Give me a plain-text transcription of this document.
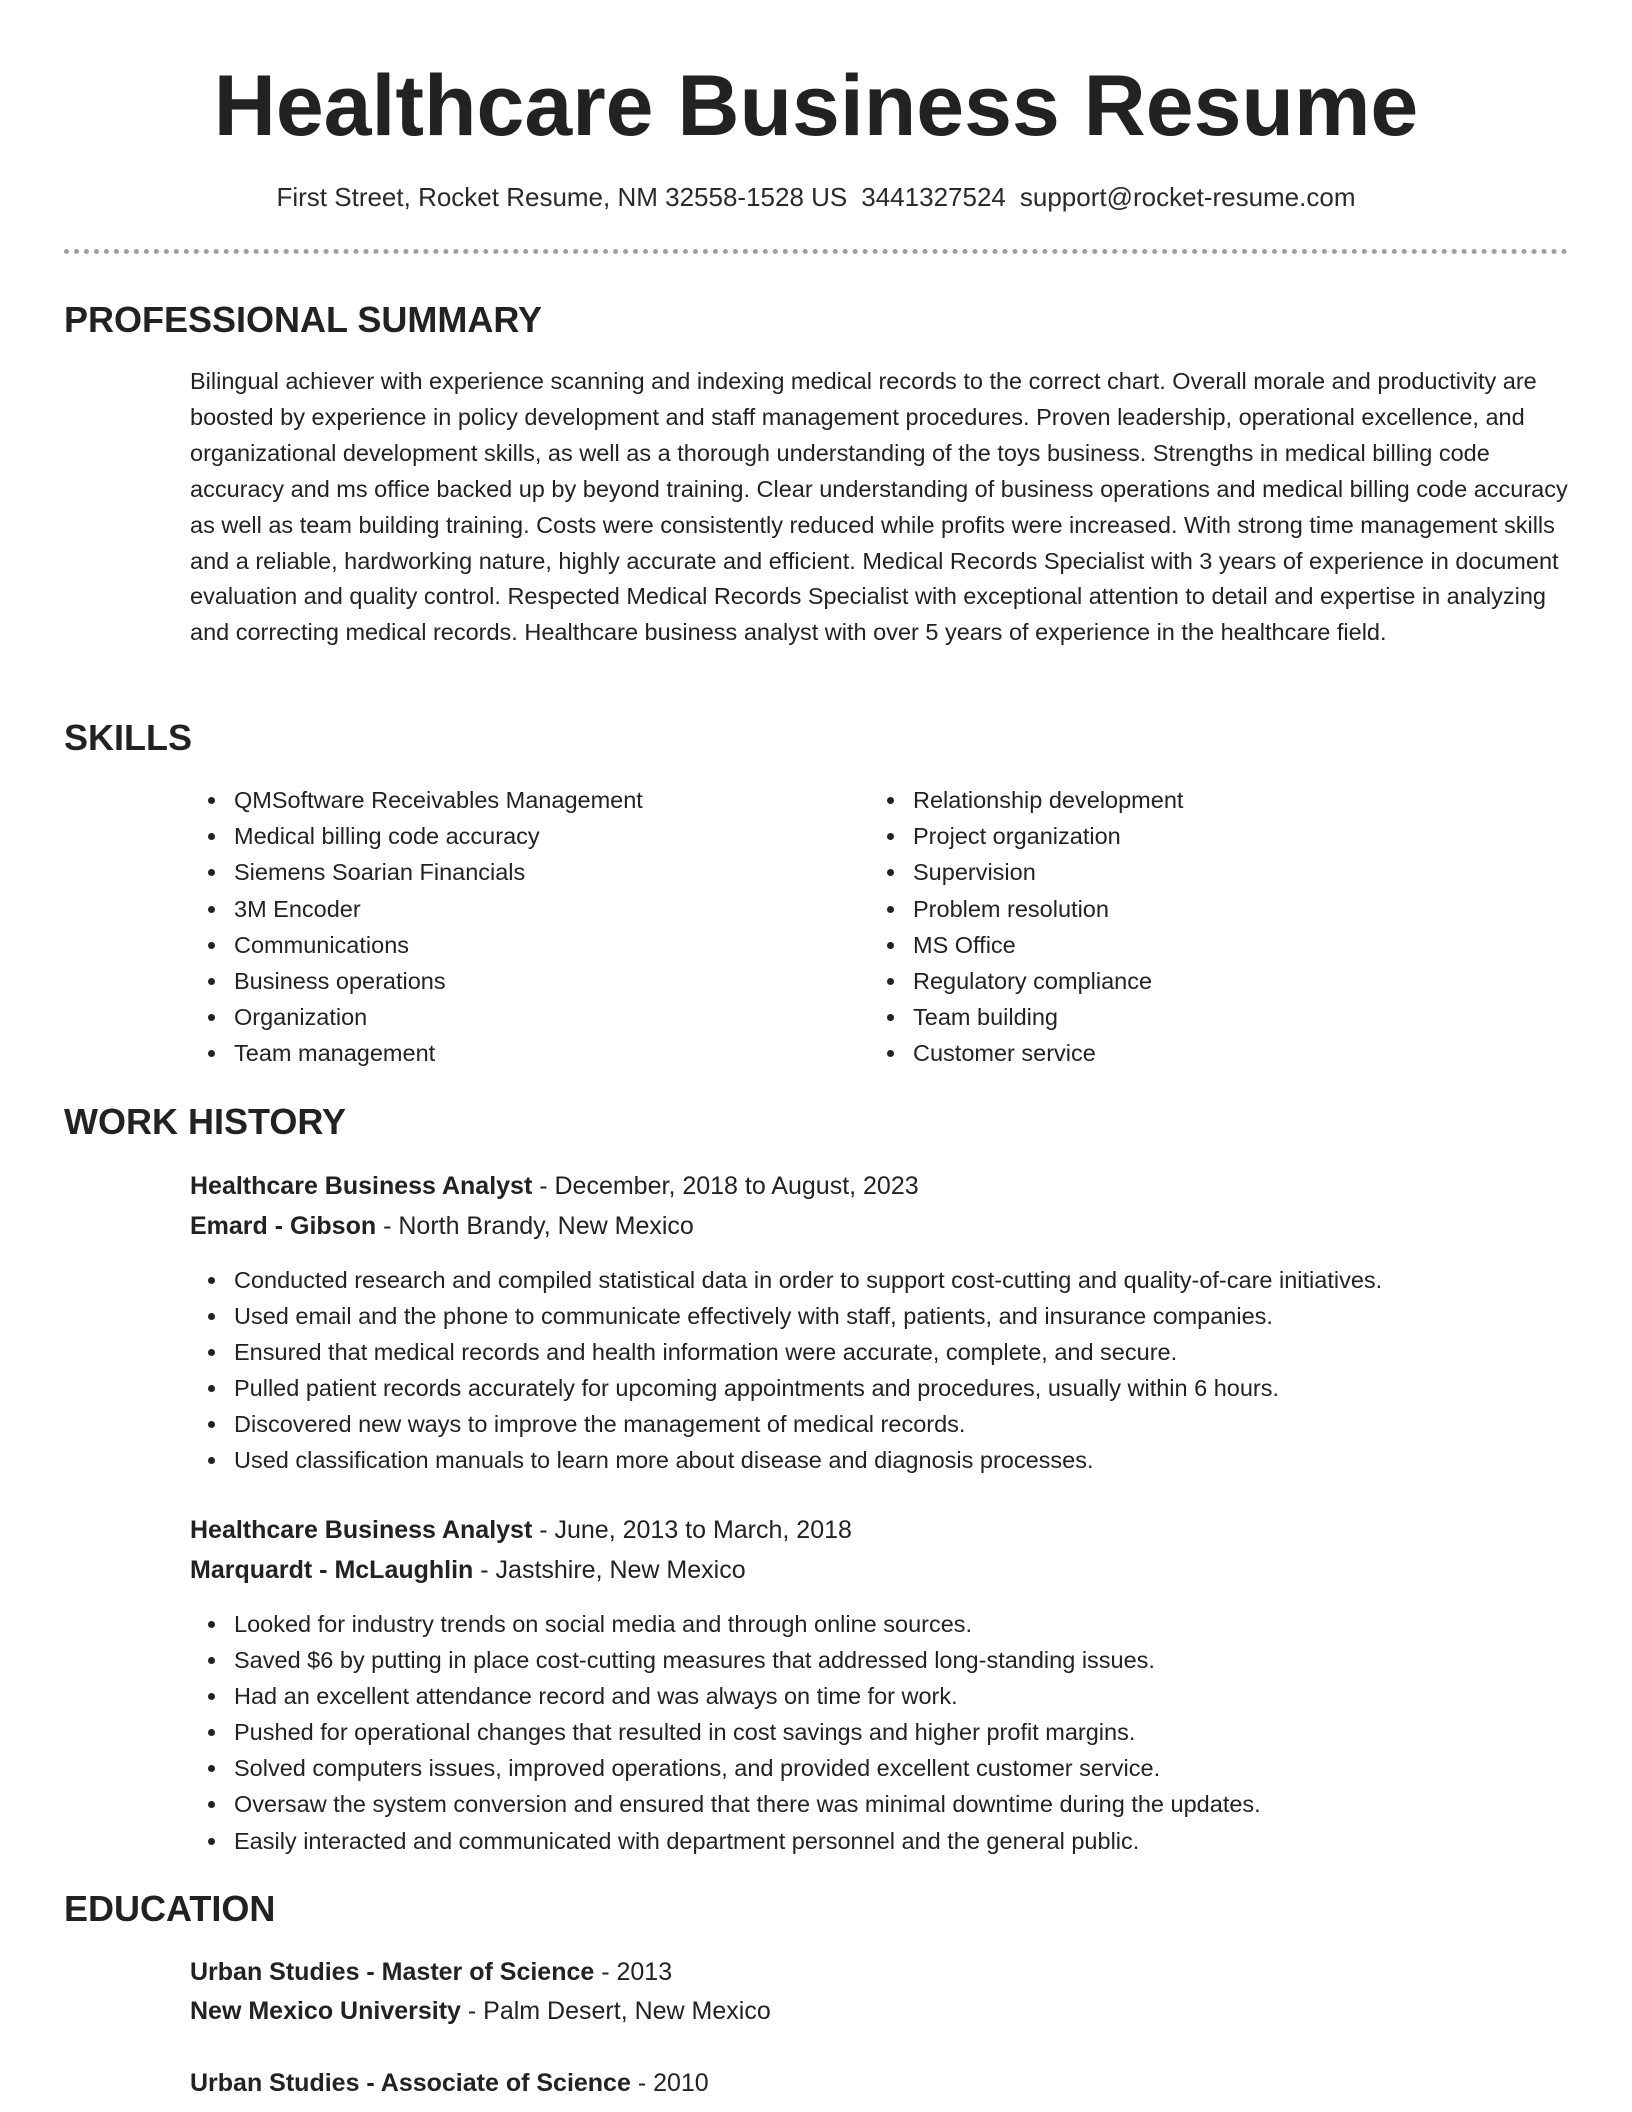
Healthcare Business Resume
First Street, Rocket Resume, NM 32558-1528 US 3441327524 support@rocket-resume.com
PROFESSIONAL SUMMARY

Bilingual achiever with experience scanning and indexing medical records to the correct chart. Overall morale and productivity are boosted by experience in policy development and staff management procedures. Proven leadership, operational excellence, and organizational development skills, as well as a thorough understanding of the toys business. Strengths in medical billing code accuracy and ms office backed up by beyond training. Clear understanding of business operations and medical billing code accuracy as well as team building training. Costs were consistently reduced while profits were increased. With strong time management skills and a reliable, hardworking nature, highly accurate and efficient. Medical Records Specialist with 3 years of experience in document evaluation and quality control. Respected Medical Records Specialist with exceptional attention to detail and expertise in analyzing and correcting medical records. Healthcare business analyst with over 5 years of experience in the healthcare field.

SKILLS
QMSoftware Receivables Management
Medical billing code accuracy
Siemens Soarian Financials
3M Encoder
Communications
Business operations
Organization
Team management
Relationship development
Project organization
Supervision
Problem resolution
MS Office
Regulatory compliance
Team building
Customer service
WORK HISTORY

Healthcare Business Analyst - December, 2018 to August, 2023

Emard - Gibson - North Brandy, New Mexico

Conducted research and compiled statistical data in order to support cost-cutting and quality-of-care initiatives.
Used email and the phone to communicate effectively with staff, patients, and insurance companies.
Ensured that medical records and health information were accurate, complete, and secure.
Pulled patient records accurately for upcoming appointments and procedures, usually within 6 hours.
Discovered new ways to improve the management of medical records.
Used classification manuals to learn more about disease and diagnosis processes.

Healthcare Business Analyst - June, 2013 to March, 2018

Marquardt - McLaughlin - Jastshire, New Mexico

Looked for industry trends on social media and through online sources.
Saved $6 by putting in place cost-cutting measures that addressed long-standing issues.
Had an excellent attendance record and was always on time for work.
Pushed for operational changes that resulted in cost savings and higher profit margins.
Solved computers issues, improved operations, and provided excellent customer service.
Oversaw the system conversion and ensured that there was minimal downtime during the updates.
Easily interacted and communicated with department personnel and the general public.
EDUCATION

Urban Studies - Master of Science - 2013

New Mexico University - Palm Desert, New Mexico

Urban Studies - Associate of Science - 2010
